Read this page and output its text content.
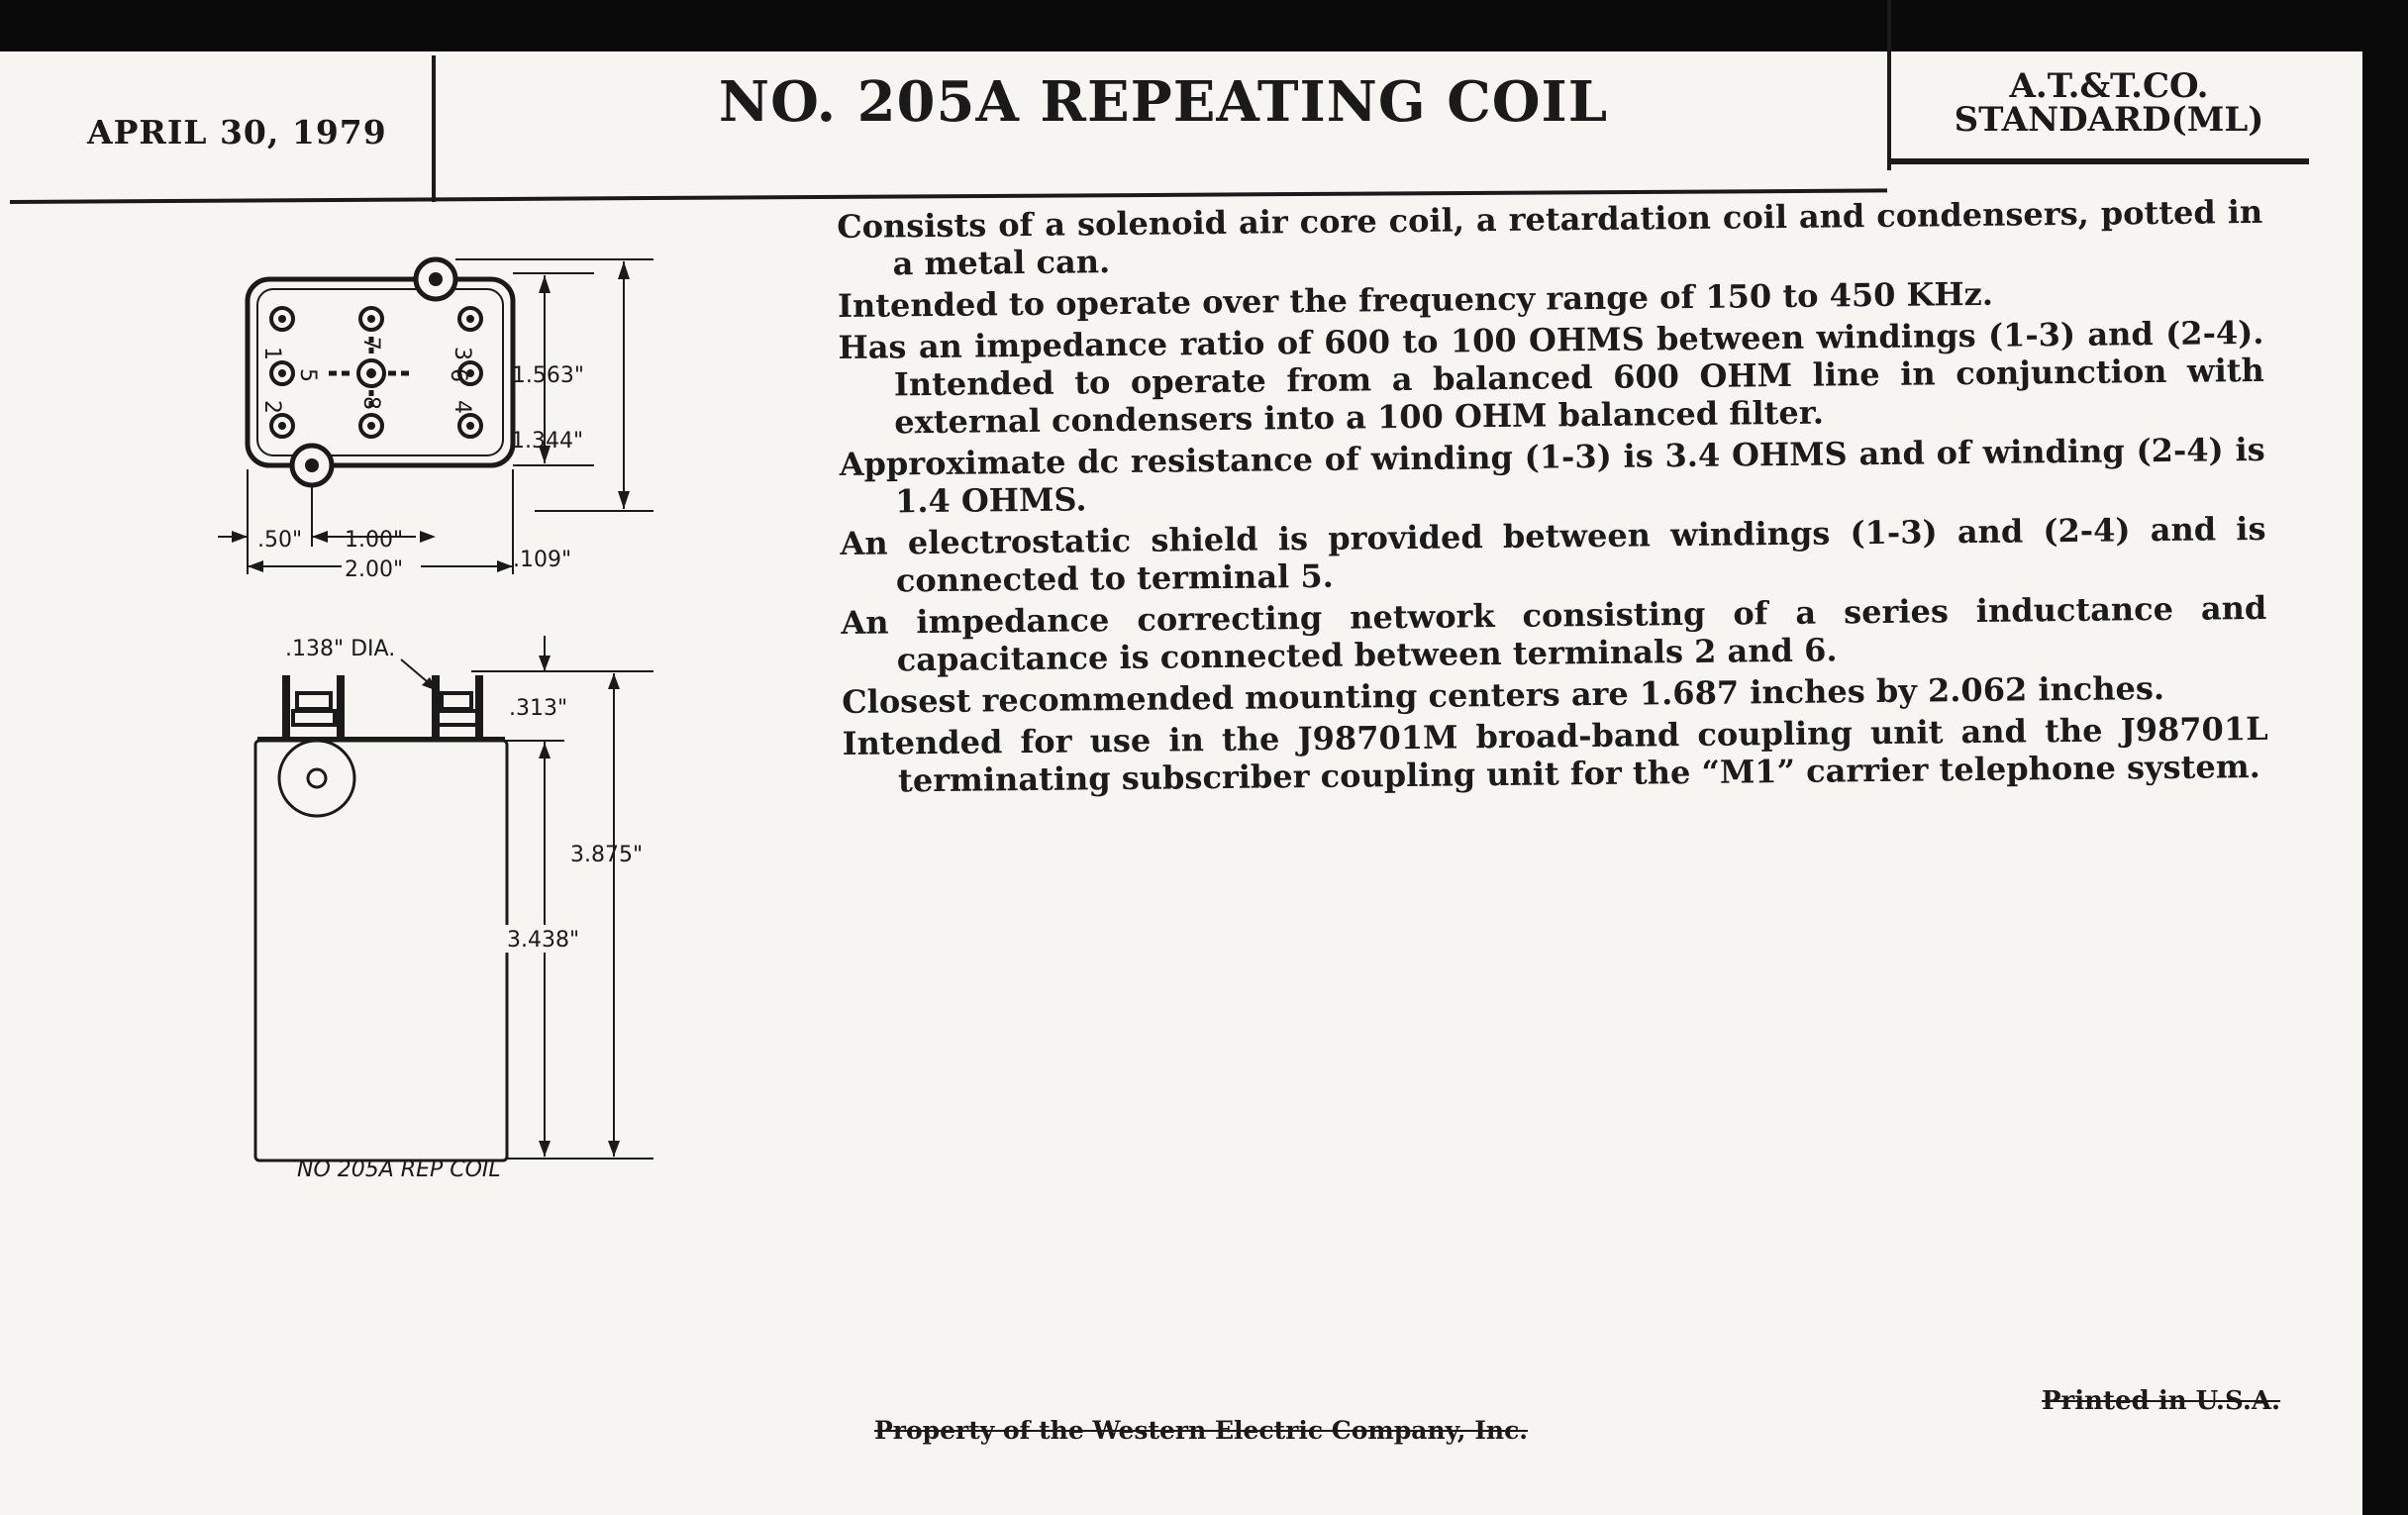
APRIL 30, 1979	NO. 205A REPEATING COIL	A.T.&T.CO.
STANDARD(ML)
1
7
3
5	6
2	8	4
1.563"
1.344"
.50" 1.00"
2.00"	.109"
.138" DIA.
NO 205A REP COIL
.313"
3.438"
3.875"

Consists of a solenoid air core coil, a retardation coil and condensers, potted in a metal can.

Intended to operate over the frequency range of 150 to 450 KHz.

Has an impedance ratio of 600 to 100 OHMS between windings (1-3) and (2-4). Intended to operate from a balanced 600 OHM line in conjunction with external condensers into a 100 OHM balanced filter.

Approximate dc resistance of winding (1-3) is 3.4 OHMS and of winding (2-4) is 1.4 OHMS.

An electrostatic shield is provided between windings (1-3) and (2-4) and is connected to terminal 5.

An impedance correcting network consisting of a series inductance and capacitance is connected between terminals 2 and 6.

Closest recommended mounting centers are 1.687 inches by 2.062 inches.

Intended for use in the J98701M broad-band coupling unit and the J98701L terminating subscriber coupling unit for the “M1” carrier telephone system.

Property of the Western Electric Company, Inc.
Printed in U.S.A.
